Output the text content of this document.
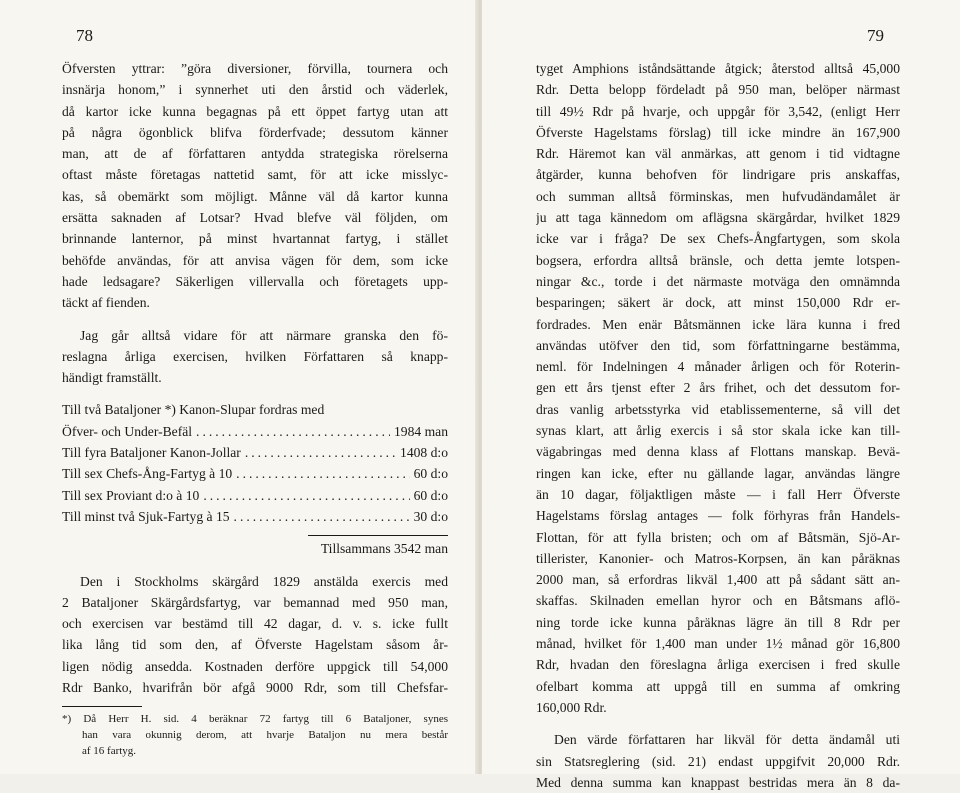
78
Öfversten yttrar: ”göra diversioner, förvilla, tournera och
insnärja honom,” i synnerhet uti den årstid och väderlek,
då kartor icke kunna begagnas på ett öppet fartyg utan att
på några ögonblick blifva förderfvade; dessutom känner
man, att de af författaren antydda strategiska rörelserna
oftast måste företagas nattetid samt, för att icke misslyc-
kas, så obemärkt som möjligt. Månne väl då kartor kunna
ersätta saknaden af Lotsar? Hvad blefve väl följden, om
brinnande lanternor, på minst hvartannat fartyg, i stället
behöfde användas, för att anvisa vägen för dem, som icke
hade ledsagare? Säkerligen villervalla och företagets upp-
täckt af fienden.
Jag går alltså vidare för att närmare granska den fö-
reslagna årliga exercisen, hvilken Författaren så knapp-
händigt framställt.
Till två Bataljoner *) Kanon-Slupar fordras med
Öfver- och Under-Befäl .....	1984 man
Till fyra Bataljoner Kanon-Jollar .....	1408 d:o
Till sex Chefs-Ång-Fartyg à 10 .....	60 d:o
Till sex Proviant d:o à 10 .....	60 d:o
Till minst två Sjuk-Fartyg à 15 .....	30 d:o
Tillsammans 3542 man
Den i Stockholms skärgård 1829 anstälda exercis med
2 Bataljoner Skärgårdsfartyg, var bemannad med 950 man,
och exercisen var bestämd till 42 dagar, d. v. s. icke fullt
lika lång tid som den, af Öfverste Hagelstam såsom år-
ligen nödig ansedda. Kostnaden derföre uppgick till 54,000
Rdr Banko, hvarifrån bör afgå 9000 Rdr, som till Chefsfar-
*) Då Herr H. sid. 4 beräknar 72 fartyg till 6 Bataljoner, synes
han vara okunnig derom, att hvarje Bataljon nu mera består
af 16 fartyg.
79
tyget Amphions iståndsättande åtgick; återstod alltså 45,000
Rdr. Detta belopp fördeladt på 950 man, belöper närmast
till 49½ Rdr på hvarje, och uppgår för 3,542, (enligt Herr
Öfverste Hagelstams förslag) till icke mindre än 167,900
Rdr. Häremot kan väl anmärkas, att genom i tid vidtagne
åtgärder, kunna behofven för lindrigare pris anskaffas,
och summan alltså förminskas, men hufvudändamålet är
ju att taga kännedom om aflägsna skärgårdar, hvilket 1829
icke var i fråga? De sex Chefs-Ångfartygen, som skola
bogsera, erfordra alltså bränsle, och detta jemte lotspen-
ningar &c., torde i det närmaste motväga den omnämnda
besparingen; säkert är dock, att minst 150,000 Rdr er-
fordrades. Men enär Båtsmännen icke lära kunna i fred
användas utöfver den tid, som författningarne bestämma,
neml. för Indelningen 4 månader årligen och för Roterin-
gen ett års tjenst efter 2 års frihet, och det dessutom for-
dras vanlig arbetsstyrka vid etablissementerne, så vill det
synas klart, att årlig exercis i så stor skala icke kan till-
vägabringas med denna klass af Flottans manskap. Bevä-
ringen kan icke, efter nu gällande lagar, användas längre
än 10 dagar, följaktligen måste — i fall Herr Öfverste
Hagelstams förslag antages — folk förhyras från Handels-
Flottan, för att fylla bristen; och om af Båtsmän, Sjö-Ar-
tillerister, Kanonier- och Matros-Korpsen, än kan påräknas
2000 man, så erfordras likväl 1,400 att på sådant sätt an-
skaffas. Skilnaden emellan hyror och en Båtsmans aflö-
ning torde icke kunna påräknas lägre än till 8 Rdr per
månad, hvilket för 1,400 man under 1½ månad gör 16,800
Rdr, hvadan den föreslagna årliga exercisen i fred skulle
ofelbart komma att uppgå till en summa af omkring
160,000 Rdr.
Den värde författaren har likväl för detta ändamål uti
sin Statsreglering (sid. 21) endast uppgifvit 20,000 Rdr.
Med denna summa kan knappast bestridas mera än 8 da-
